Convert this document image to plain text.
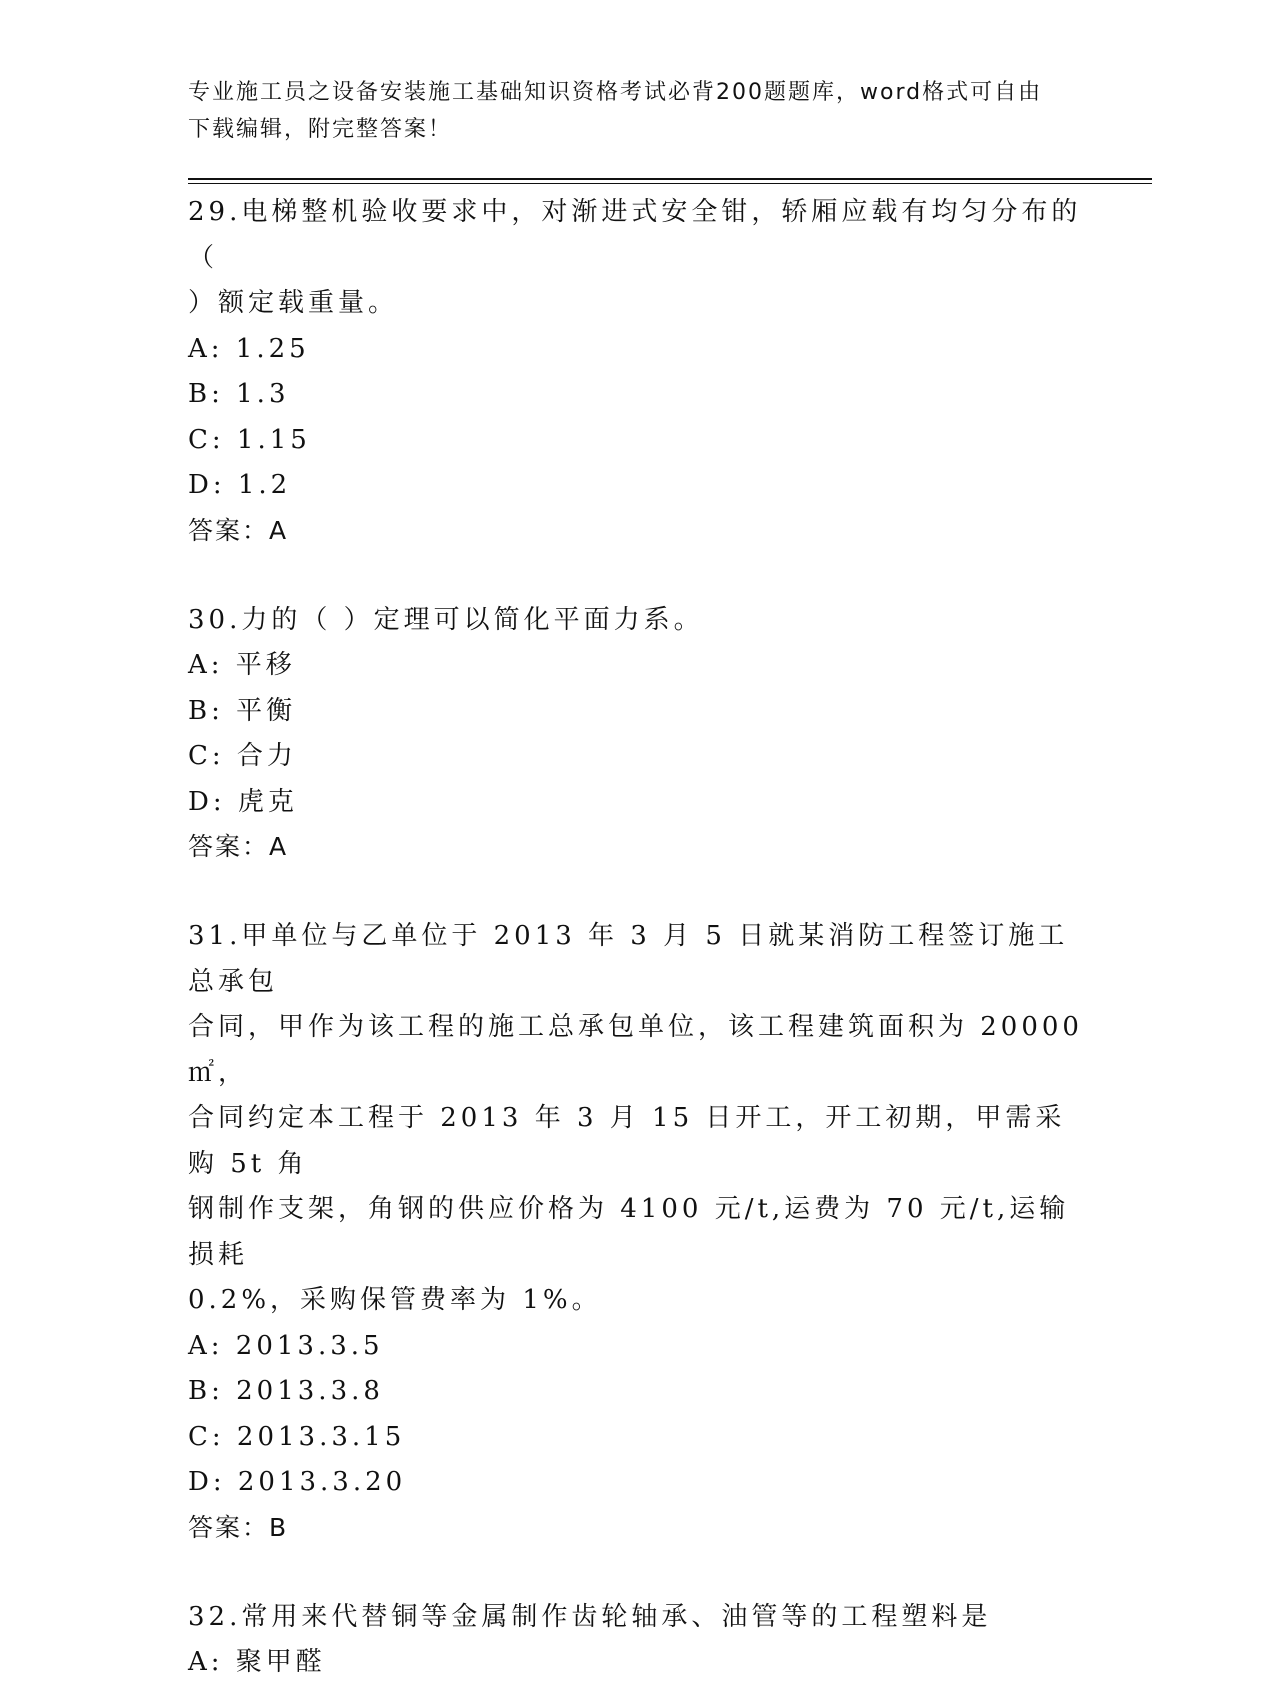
专业施工员之设备安装施工基础知识资格考试必背200题题库，word格式可自由
下载编辑，附完整答案！
29.电梯整机验收要求中，对渐进式安全钳，轿厢应载有均匀分布的（
）额定载重量。
A: 1.25
B: 1.3
C: 1.15
D: 1.2
答案：A
30.力的（ ）定理可以简化平面力系。
A: 平移
B: 平衡
C: 合力
D: 虎克
答案：A
31.甲单位与乙单位于 2013 年 3 月 5 日就某消防工程签订施工总承包
合同，甲作为该工程的施工总承包单位，该工程建筑面积为 20000㎡，
合同约定本工程于 2013 年 3 月 15 日开工，开工初期，甲需采购 5t 角
钢制作支架，角钢的供应价格为 4100 元/t,运费为 70 元/t,运输损耗
0.2%，采购保管费率为 1%。
A: 2013.3.5
B: 2013.3.8
C: 2013.3.15
D: 2013.3.20
答案：B
32.常用来代替铜等金属制作齿轮轴承、油管等的工程塑料是
A: 聚甲醛
